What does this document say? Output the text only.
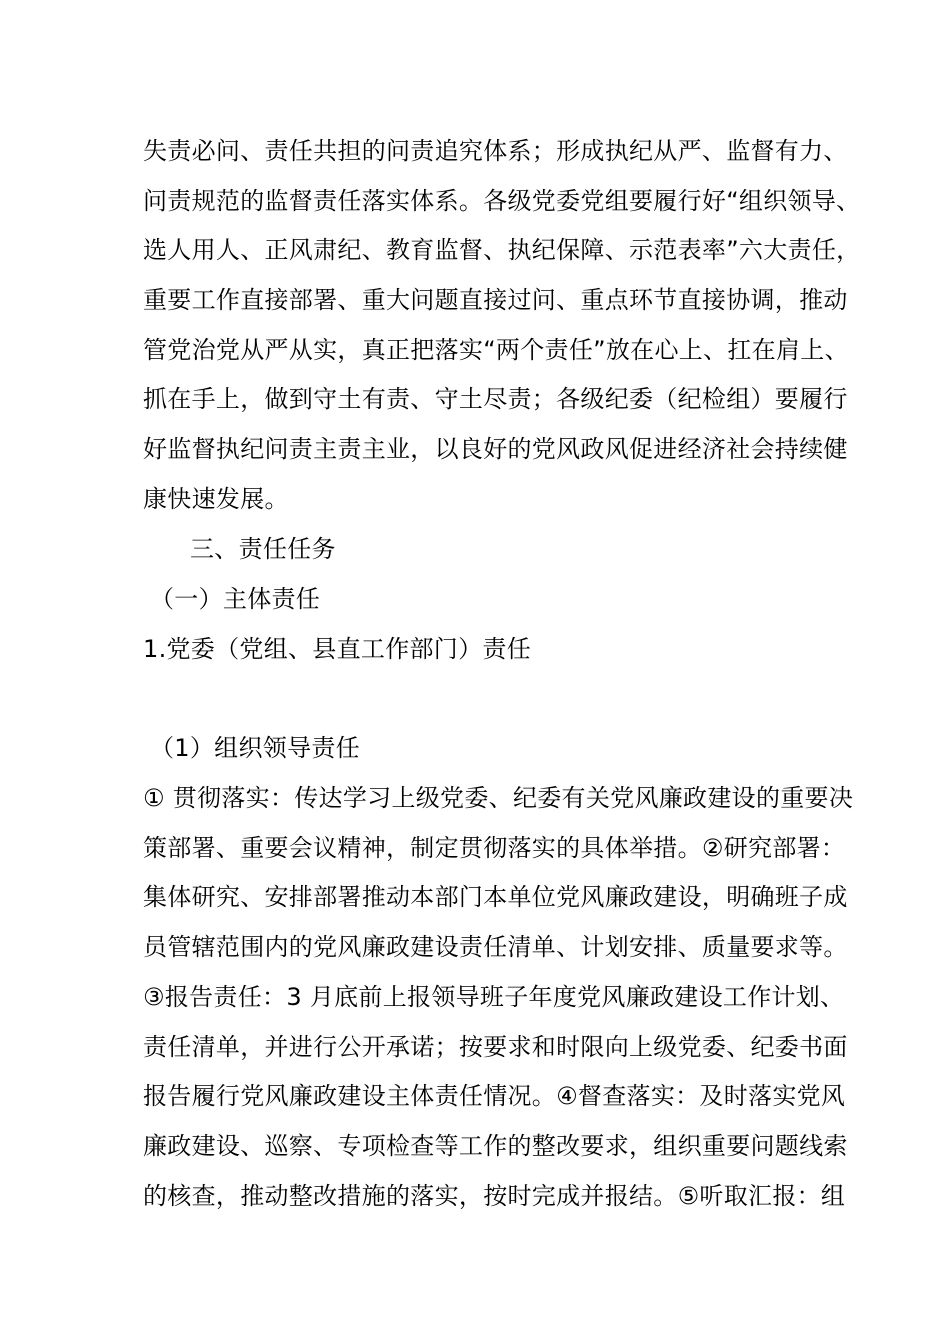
失责必问、责任共担的问责追究体系；形成执纪从严、监督有力、
问责规范的监督责任落实体系。各级党委党组要履行好“组织领导、
选人用人、正风肃纪、教育监督、执纪保障、示范表率”六大责任，
重要工作直接部署、重大问题直接过问、重点环节直接协调，推动
管党治党从严从实，真正把落实“两个责任”放在心上、扛在肩上、
抓在手上，做到守土有责、守土尽责；各级纪委（纪检组）要履行
好监督执纪问责主责主业，以良好的党风政风促进经济社会持续健
康快速发展。
三、责任任务
（一）主体责任
1.党委（党组、县直工作部门）责任
（1）组织领导责任
① 贯彻落实：传达学习上级党委、纪委有关党风廉政建设的重要决
策部署、重要会议精神，制定贯彻落实的具体举措。②研究部署：
集体研究、安排部署推动本部门本单位党风廉政建设，明确班子成
员管辖范围内的党风廉政建设责任清单、计划安排、质量要求等。
③报告责任：3 月底前上报领导班子年度党风廉政建设工作计划、
责任清单，并进行公开承诺；按要求和时限向上级党委、纪委书面
报告履行党风廉政建设主体责任情况。④督查落实：及时落实党风
廉政建设、巡察、专项检查等工作的整改要求，组织重要问题线索
的核查，推动整改措施的落实，按时完成并报结。⑤听取汇报：组
